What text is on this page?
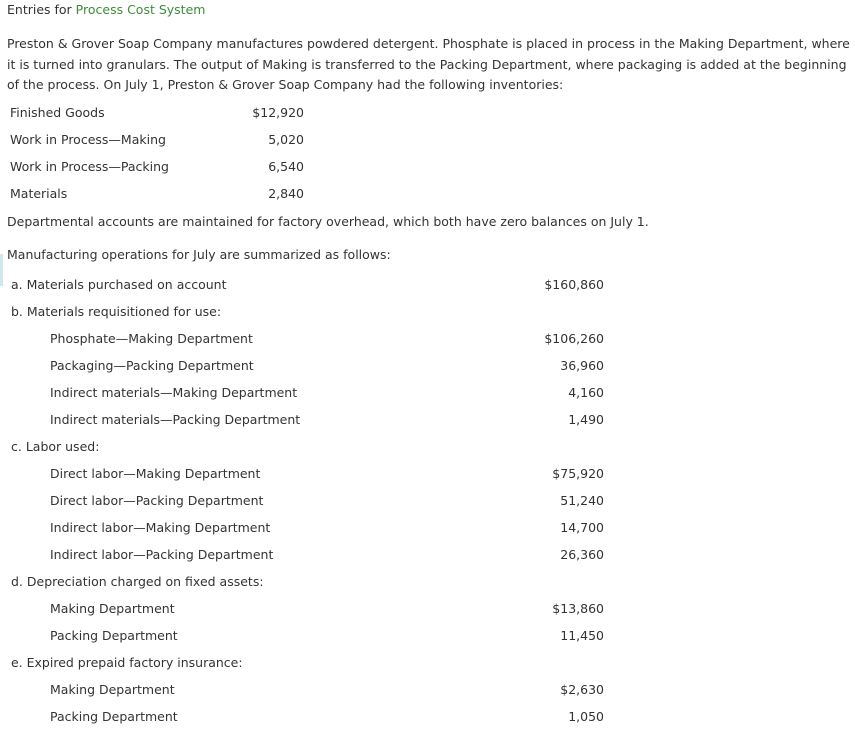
Entries for Process Cost System
Preston & Grover Soap Company manufactures powdered detergent. Phosphate is placed in process in the Making Department, where it is turned into granulars. The output of Making is transferred to the Packing Department, where packaging is added at the beginning of the process. On July 1, Preston & Grover Soap Company had the following inventories:
Finished Goods	$12,920
Work in Process—Making	5,020
Work in Process—Packing	6,540
Materials	2,840
Departmental accounts are maintained for factory overhead, which both have zero balances on July 1.
Manufacturing operations for July are summarized as follows:
a. Materials purchased on account	$160,860
b. Materials requisitioned for use:
Phosphate—Making Department	$106,260
Packaging—Packing Department	36,960
Indirect materials—Making Department	4,160
Indirect materials—Packing Department	1,490
c. Labor used:
Direct labor—Making Department	$75,920
Direct labor—Packing Department	51,240
Indirect labor—Making Department	14,700
Indirect labor—Packing Department	26,360
d. Depreciation charged on fixed assets:
Making Department	$13,860
Packing Department	11,450
e. Expired prepaid factory insurance:
Making Department	$2,630
Packing Department	1,050
